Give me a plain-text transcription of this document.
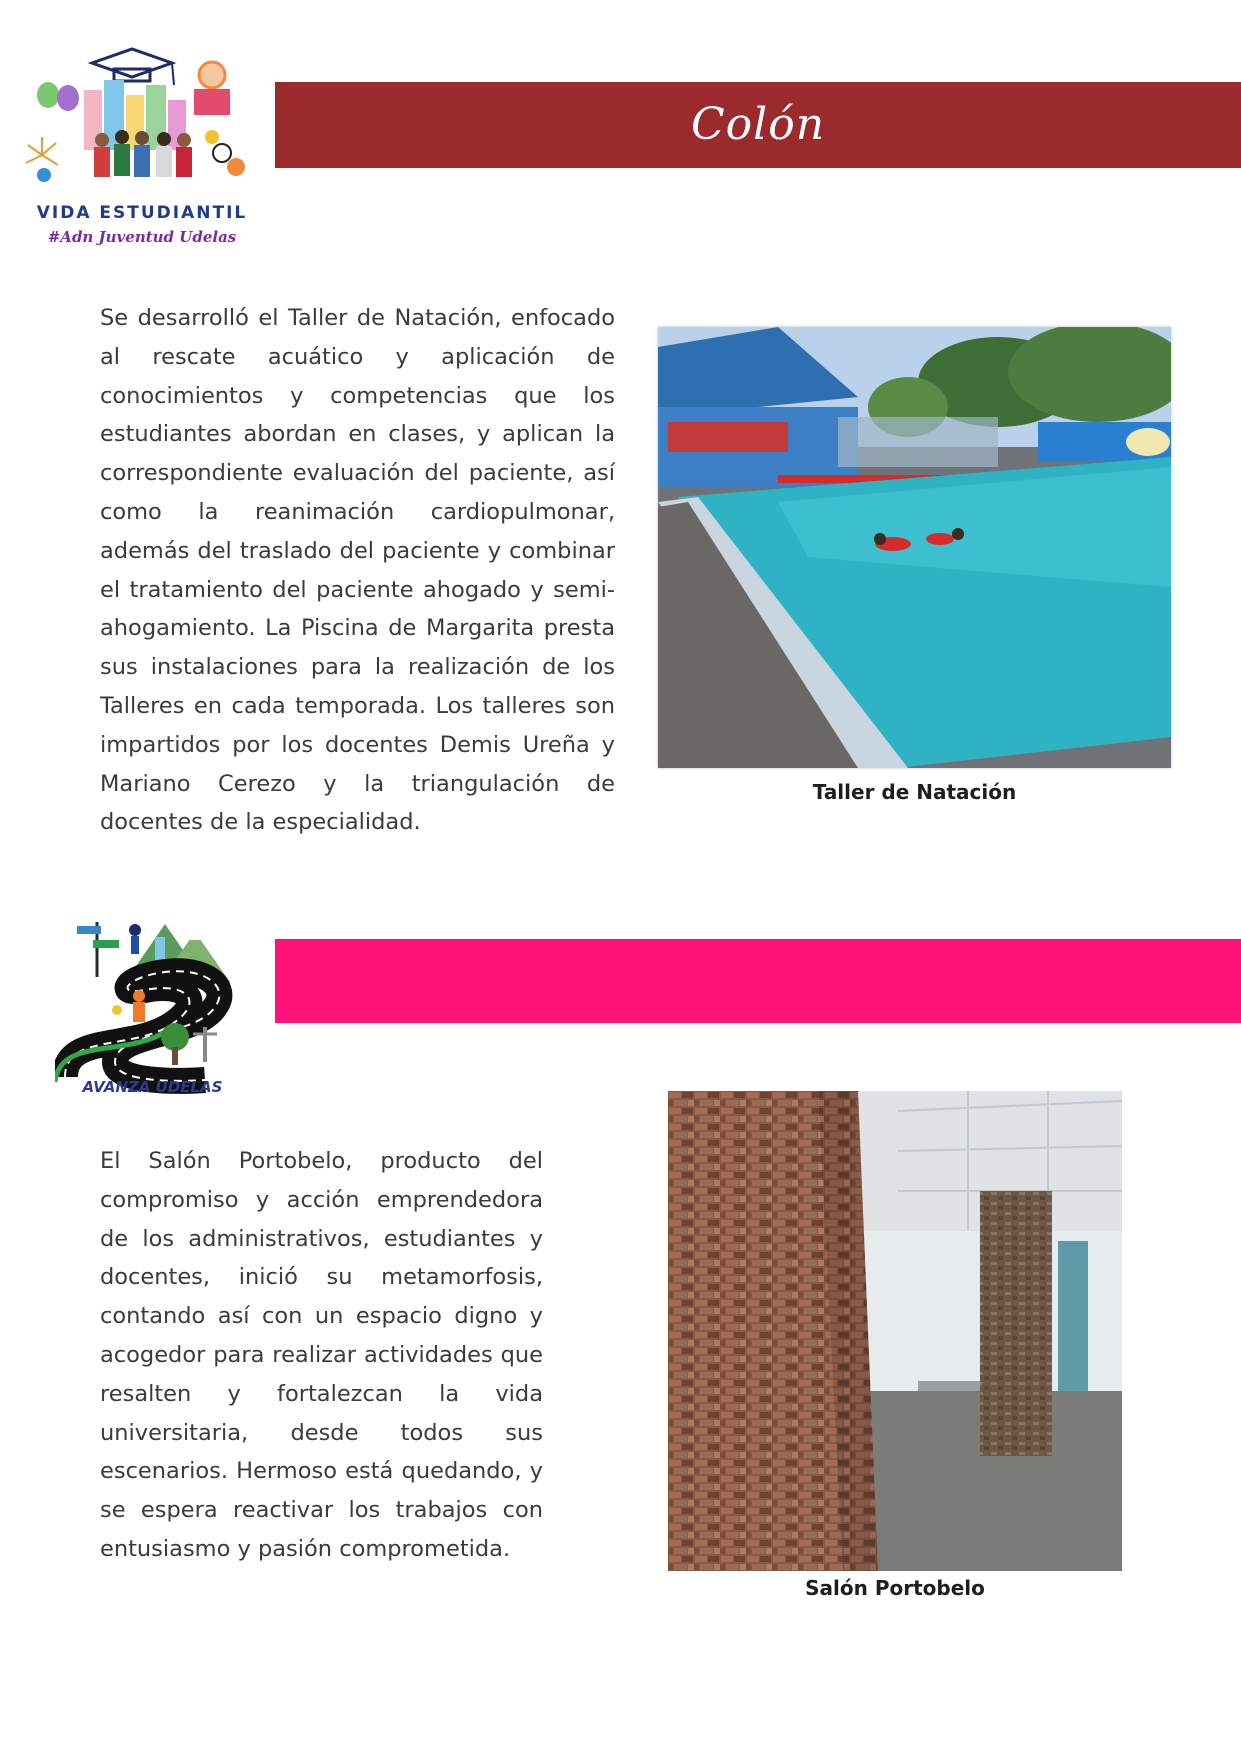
VIDA ESTUDIANTIL
#Adn Juventud Udelas
Colón

Se desarrolló el Taller de Natación, enfocado al rescate acuático y aplicación de conocimientos y competencias que los estudiantes abordan en clases, y aplican la correspondiente evaluación del paciente, así como la reanimación cardiopulmonar, además del traslado del paciente y combinar el tratamiento del paciente ahogado y semi-ahogamiento. La Piscina de Margarita presta sus instalaciones para la realización de los Talleres en cada temporada. Los talleres son impartidos por los docentes Demis Ureña y Mariano Cerezo y la triangulación de docentes de la especialidad.

Taller de Natación
AVANZA UDELAS

El Salón Portobelo, producto del compromiso y acción emprendedora de los administrativos, estudiantes y docentes, inició su metamorfosis, contando así con un espacio digno y acogedor para realizar actividades que resalten y fortalezcan la vida universitaria, desde todos sus escenarios. Hermoso está quedando, y se espera reactivar los trabajos con entusiasmo y pasión comprometida.

Salón Portobelo
